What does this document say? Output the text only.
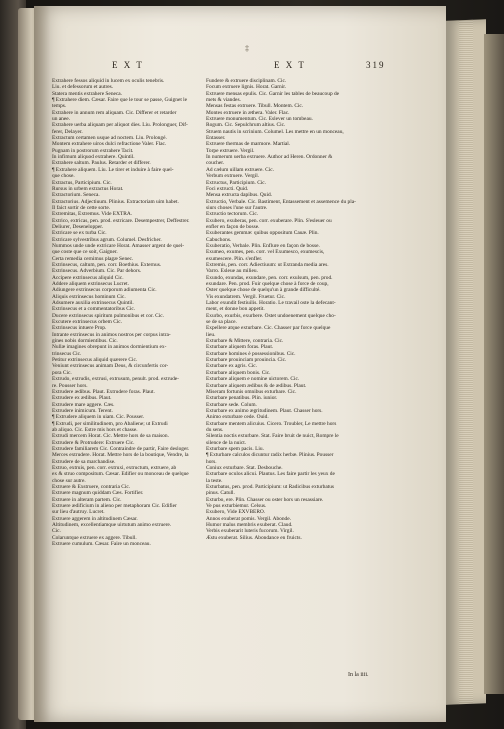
‡
E X T	E X T	319
Extrahere fessos aliquid in lucem ex oculis tenebris.
Liu. et defessorum et autres.
Statera mentis extrahere Seneca.
¶ Extrahere diem. Cæsar. Faire que le tour se passe, Guignet le
temps.
Extrahere in annum rem aliquam. Cic. Differer et retarder
un anee.
Extrahere uerba aliquam per aliquot dies. Liu. Prolonguer, Dif-
ferer, Delayer.
Extractum certamen usque ad noctem. Liu. Prolongé.
Montem extrahere uiros dulci refractione Valer. Flac.
Pugnam in postrorum extrahere Tacit.
In infimum aliquod extrahere. Quintil.
Extrahere saltum. Paulus. Retarder et differer.
¶ Extrahere aliquem. Liu. Le tirer et induire à faire quel-
que chose.
Extractus, Participium. Cic.
Rursus in urbem extractus Horat.
Extractorium. Seneca.
Extractorius. Adjectiuum. Plinius. Extractoriam uim habet.
Il faict sortir de cette sorte.
Extremitas, Extremus. Vide EXTRA.
Extrico, extricas, pen. prod. extricare. Desempestrer, Deffestrer.
Deliurer, Desenelopper.
Extricare se ex turba Cic.
Extricare sylvestribus agrum. Columel. Desfricher.
Nummos unde unde extricare Horat. Amasser argent de quel-
que coste que ce soit, Gaigner.
Certa remedia cernimus plagæ Senec.
Extrinsecus, caltum, pen. corr. Boethius. Externus.
Extrinsecus. Adverbium. Cic. Par dehors.
Accipere extrinsecus aliquid Cic.
Addere aliquem extrinsecus Lucret.
Adiungere extrinsecus corporum adiumenta Cic.
Aliquis extrinsecus hominum Cic.
Adsumere auxilia extrinsecus Quintil.
Extrinsecus et a commentatoribus Cic.
Ducere extrinsecus spiritum pulmonibus et cor. Cic.
Excutere extrinsecus orbem Cic.
Extrinsecus intuere Prop.
Intrante extrinsecus in animos nostros per corpus intra-
gines nobis dormientibus. Cic.
Nullæ imagines obrepunt in animos dormientium ex-
trinsecus Cic.
Petitur extrinsecus aliquid quærere Cic.
Veniunt extrinsecus animam Deus, & circunfertis cor-
pora Cic.
Extrudo, extrudis, extrusi, extrusum, penult. prod. extrude-
re. Pousser hors.
Extrudere ædibus. Plaut. Extrudere foras. Plaut.
Extrudere ex ædibus. Plaut.
Extrudere mare aggere. Cæs.
Extrudere inimicum. Terent.
¶ Extrudere aliquem in uiam. Cic. Pousser.
¶ Extrudi, per similitudinem, pro Abaliene; ut Extrudi
ab aliquo. Cic. Estre mis hors et chasse.
Extrudi mercem Horat. Cic. Mettre hors de sa maison.
Extrudere & Protrudere: Extruere Cic.
Extrudere familiarem Cic. Contraindre de partir, Faire desloger.
Merces extrudere. Horat. Mettre hors de la boutique, Vendre, la
Extrudere de sa marchandise.
Extruo, extruis, pen. corr. extruxi, extructum, extruere, ab
ex & struo compositum. Cæsar. Edifier ou monceau de quelque
chose sur autre.
Extruere & Exstruere, contraria Cic.
Extruere magnum quiddam Cæs. Fortifier.
Extruere in alteram partem. Cic.
Extruere ædificium in alieno per metaphoram Cic. Edifier
sur lieu d'autruy. Lucret.
Extruere aggerem in altitudinem Cæsar.
Altitudinem, excellentiamque uirtutum animo extruere.
Cic.
Colaruntque extruere ex aggere. Tibull.
Extruere cumulum. Cæsar. Faire un monceau.
Fundere & extruere disciplinam. Cic.
Focum extruere lignis. Horat. Garnir.
Extruere mensas epulis. Cic. Garnir les tables de beaucoup de
mets & viandes.
Mensas festas extruere. Tibull. Montem. Cic.
Montes extruere in æthera. Valer. Flac.
Extruere monumentum. Cic. Eslever un tombeau.
Rogum. Cic. Sepulchrum altius. Cic.
Struem nautis in scrinium. Columel. Les mettre en un monceau,
Entasser.
Extruere thermas de marmore. Martial.
Torpe extruere. Vergil.
In numerum uerba extruere. Author ad Heren. Ordonner &
coucher.
Ad cælum uillam extruere. Cic.
Verbum extruere. Vergil.
Extructus, Participium. Cic.
Foci extructi. Quid.
Mensa extructa dapibus. Quid.
Extructio, Verbale. Cic. Bastiment, Entassement et assemence du pla-
siurs choses l'une sur l'autre.
Extructio tectorum. Cic.
Exubero, exuberas, pen. corr. exuberare. Plin. S'esleuer ou
enfler en façon de bosse.
Exuberantes gemmæ: quibus oppositum Cauæ. Plin.
Cabuchons.
Exuberatio, Verbale. Plin. Enflure en façon de bosse.
Exumeo, exumes, pen. corr. vel Exumesco, exumescis,
exumescere. Plin. s'enfler.
Extremis, pen. corr. Adiectiuum: ut Extranda media ares.
Varro. Esleue au milieu.
Exundo, exundas, exundare, pen. corr. exulsum, pen. prod.
exundare. Pen. prod. Fuir quelque chose à force de coup,
Oster quelque chose de quelqu'un à grande difficulté.
Vis exundatrem. Vergil. Fruetur. Cic.
Labor exundit festiuilis. Horatio. Le travail oste la defecant-
ment, et donne bon appetit.
Exurbo, exurbis, exurbere. Ostet undoenement quelque cho-
se de sa place.
Expellere atque exturbare. Cic. Chasser par force quelque
lieu.
Exturbare & Mittere, contraria. Cic.
Exturbare aliquem foras. Plaut.
Exturbare homines è possessionibus. Cic.
Exturbare prouinciam prouincia. Cic.
Exturbare ex agris. Cic.
Exturbare aliquem bonis. Cic.
Exturbare aliquem e nomine uictorem. Cic.
Exturbare aliquem ædibus & de ædibus. Plaut.
Miseram fortunis omnibus exturbare. Cic.
Exturbare penatibus. Plin. iunior.
Exturbare sede. Colum.
Exturbare ex animo ægritudinem. Plaut. Chasser hors.
Animo exturbare cede. Ouid.
Exturbare mentem alicuius. Cicero. Troubler, Le mettre hors
du sens.
Silentia noctis exturbare. Stat. Faire bruit de nuict, Rompre le
silence de la nuict.
Exturbare spem pacis. Liu.
¶ Exturbare calculos dicuntur radix herbæ. Plinius. Pousser
hors.
Coniux exturbare. Stat. Desbouche.
Exturbare oculos alicui. Plautus. Les faire partir les yeux de
la teste.
Exturbatus, pen. prod. Participium: ut Radicibus exturbatus
pinus. Catull.
Exturbo, ere. Plin. Chasser ou oster hors un resassiare.
Ve pus exturbiemur. Celsus.
Exubero, Vide EXVBERO.
Annos exuberat pomis. Vergil. Abonde.
Humor malus membris exuberat. Claud.
Verbis exuberarit luteris fucorum. Virgil.
Æstu exuberat. Silius. Abondance en fruicts.
In la iiii.
